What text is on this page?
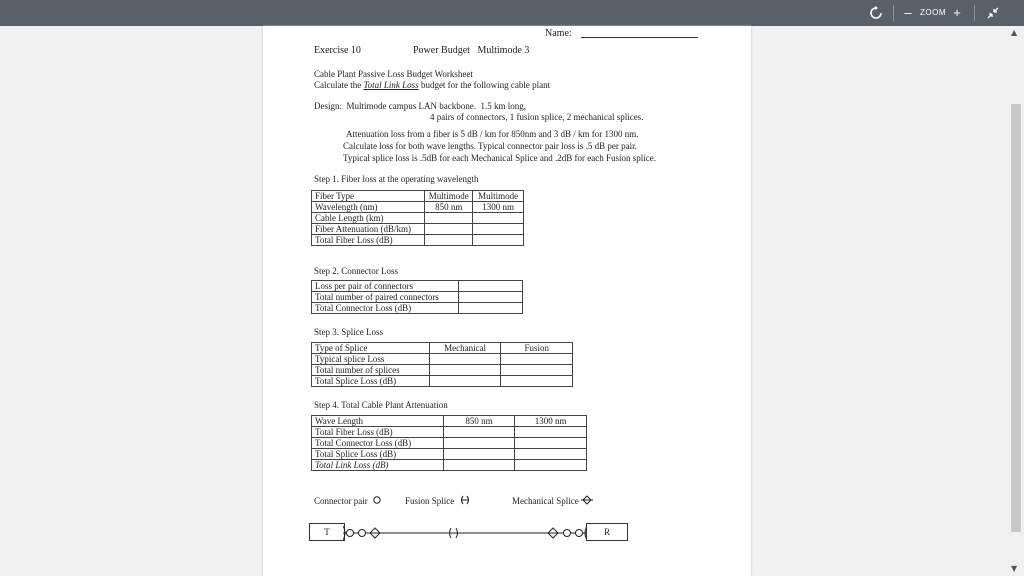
–	ZOOM +
▲
▼
Name:
Exercise 10	Power Budget   Multimode 3
Cable Plant Passive Loss Budget Worksheet
Calculate the Total Link Loss budget for the following cable plant
Design:  Multimode campus LAN backbone.  1.5 km long,
4 pairs of connectors, 1 fusion splice, 2 mechanical splices.
Attenuation loss from a fiber is 5 dB / km for 850nm and 3 dB / km for 1300 nm.
Calculate loss for both wave lengths. Typical connector pair loss is .5 dB per pair.
Typical splice loss is .5dB for each Mechanical Splice and .2dB for each Fusion splice.
Step 1. Fiber loss at the operating wavelength
Fiber Type	Multimode	Multimode
Wavelength (nm)	850 nm	1300 nm
Cable Length (km)		
Fiber Attenuation (dB/km)		
Total Fiber Loss (dB)		
Step 2. Connector Loss
Loss per pair of connectors	
Total number of paired connectors	
Total Connector Loss (dB)	
Step 3. Splice Loss
Type of Splice	Mechanical	Fusion
Typical splice Loss		
Total number of splices		
Total Splice Loss (dB)		
Step 4. Total Cable Plant Attenuation
Wave Length	850 nm	1300 nm
Total Fiber Loss (dB)		
Total Connector Loss (dB)		
Total Splice Loss (dB)		
Total Link Loss (dB)		
Connector pair	Fusion Splice	Mechanical Splice
T	R
